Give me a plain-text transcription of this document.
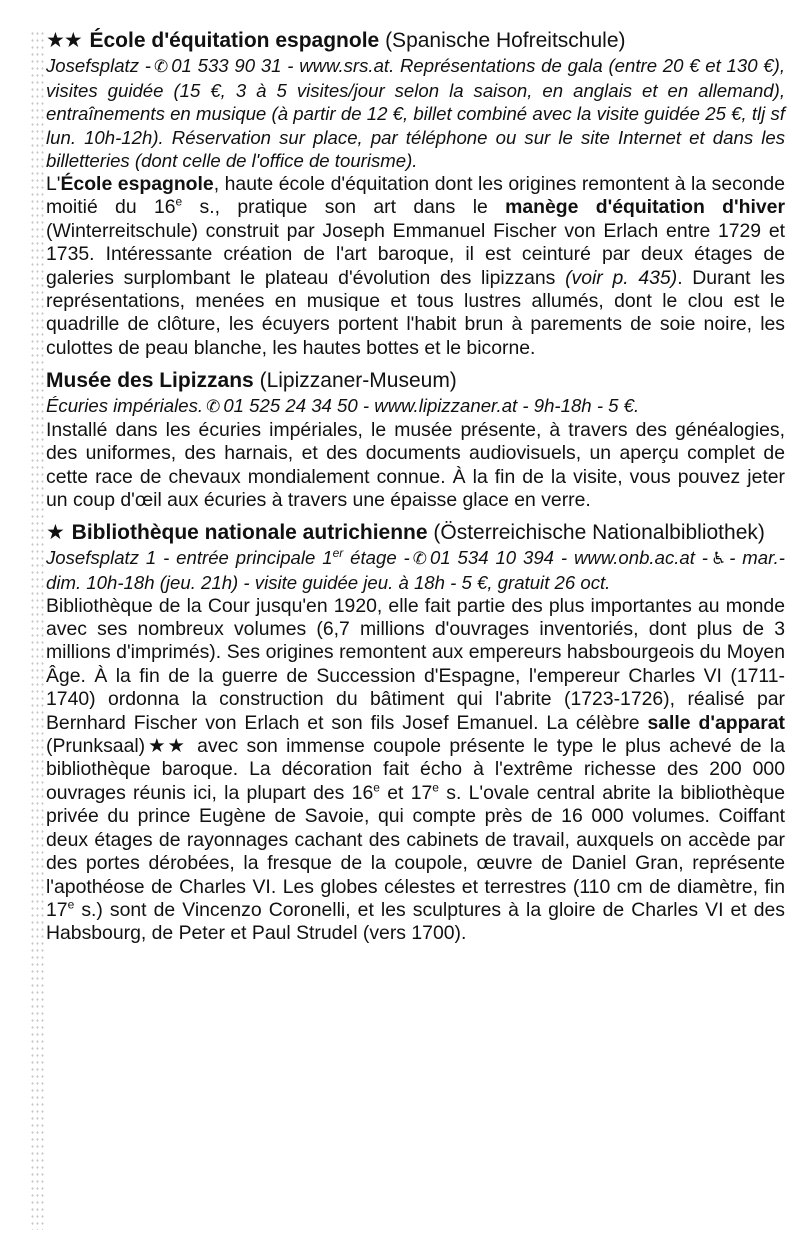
★★ École d'équitation espagnole (Spanische Hofreitschule)

Josefsplatz - ✆ 01 533 90 31 - www.srs.at. Représentations de gala (entre 20 € et 130 €), visites guidée (15 €, 3 à 5 visites/jour selon la saison, en anglais et en allemand), entraînements en musique (à partir de 12 €, billet combiné avec la visite guidée 25 €, tlj sf lun. 10h-12h). Réservation sur place, par téléphone ou sur le site Internet et dans les billetteries (dont celle de l'office de tourisme).

L'École espagnole, haute école d'équitation dont les origines remontent à la seconde moitié du 16e s., pratique son art dans le manège d'équitation d'hiver (Winterreitschule) construit par Joseph Emmanuel Fischer von Erlach entre 1729 et 1735. Intéressante création de l'art baroque, il est ceinturé par deux étages de galeries surplombant le plateau d'évolution des lipizzans (voir p. 435). Durant les représentations, menées en musique et tous lustres allumés, dont le clou est le quadrille de clôture, les écuyers portent l'habit brun à parements de soie noire, les culottes de peau blanche, les hautes bottes et le bicorne.

Musée des Lipizzans (Lipizzaner-Museum)

Écuries impériales. ✆ 01 525 24 34 50 - www.lipizzaner.at - 9h-18h - 5 €.

Installé dans les écuries impériales, le musée présente, à travers des généalogies, des uniformes, des harnais, et des documents audiovisuels, un aperçu complet de cette race de chevaux mondialement connue. À la fin de la visite, vous pouvez jeter un coup d'œil aux écuries à travers une épaisse glace en verre.

★ Bibliothèque nationale autrichienne (Österreichische Nationalbibliothek)

Josefsplatz 1 - entrée principale 1er étage - ✆ 01 534 10 394 - www.onb.ac.at - ♿ - mar.-dim. 10h-18h (jeu. 21h) - visite guidée jeu. à 18h - 5 €, gratuit 26 oct.

Bibliothèque de la Cour jusqu'en 1920, elle fait partie des plus importantes au monde avec ses nombreux volumes (6,7 millions d'ouvrages inventoriés, dont plus de 3 millions d'imprimés). Ses origines remontent aux empereurs habsbourgeois du Moyen Âge. À la fin de la guerre de Succession d'Espagne, l'empereur Charles VI (1711-1740) ordonna la construction du bâtiment qui l'abrite (1723-1726), réalisé par Bernhard Fischer von Erlach et son fils Josef Emanuel. La célèbre salle d'apparat (Prunksaal)★★ avec son immense coupole présente le type le plus achevé de la bibliothèque baroque. La décoration fait écho à l'extrême richesse des 200 000 ouvrages réunis ici, la plupart des 16e et 17e s. L'ovale central abrite la bibliothèque privée du prince Eugène de Savoie, qui compte près de 16 000 volumes. Coiffant deux étages de rayonnages cachant des cabinets de travail, auxquels on accède par des portes dérobées, la fresque de la coupole, œuvre de Daniel Gran, représente l'apothéose de Charles VI. Les globes célestes et terrestres (110 cm de diamètre, fin 17e s.) sont de Vincenzo Coronelli, et les sculptures à la gloire de Charles VI et des Habsbourg, de Peter et Paul Strudel (vers 1700).
